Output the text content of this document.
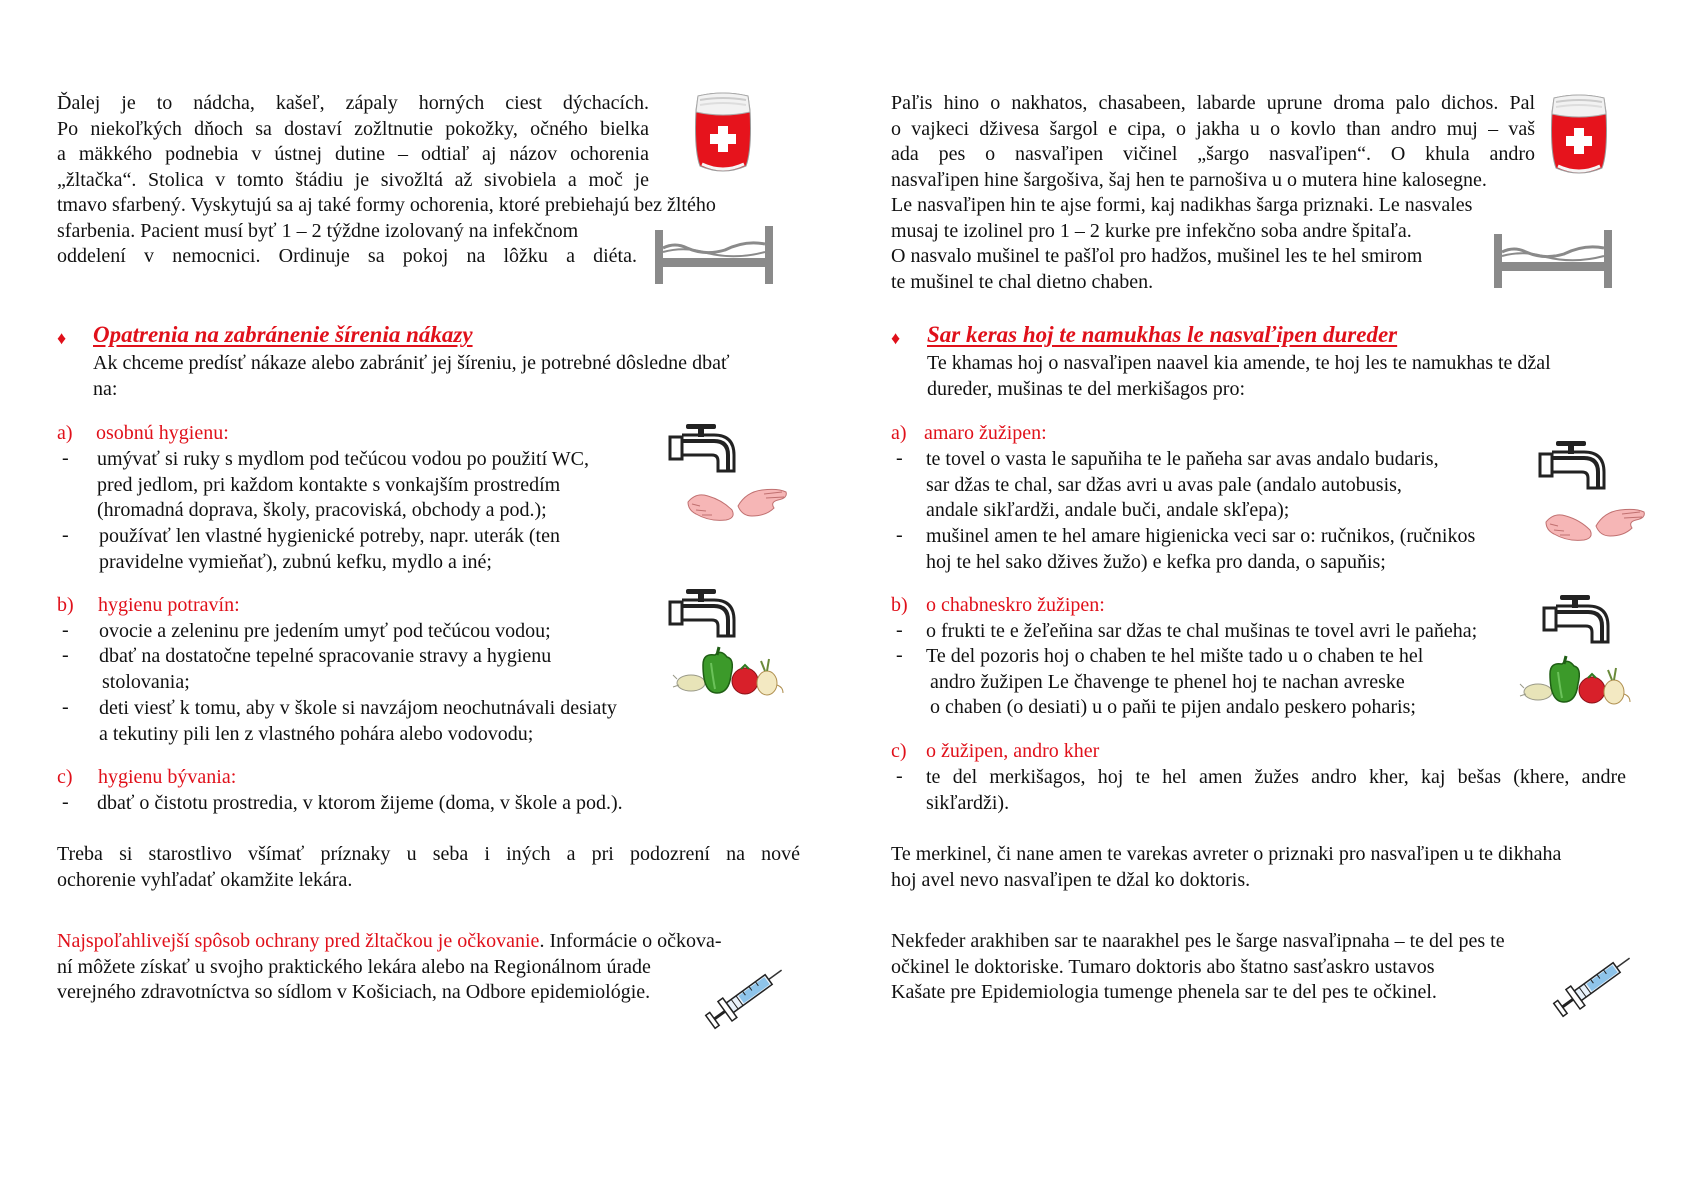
Ďalej je to nádcha, kašeľ, zápaly horných ciest dýchacích.
Po niekoľkých dňoch sa dostaví zožltnutie pokožky, očného bielka
a mäkkého podnebia v ústnej dutine – odtiaľ aj názov ochorenia
„žltačka“. Stolica v tomto štádiu je sivožltá až sivobiela a moč je
tmavo sfarbený. Vyskytujú sa aj také formy ochorenia, ktoré prebiehajú bez žltého
sfarbenia. Pacient musí byť 1 – 2 týždne izolovaný na infekčnom
oddelení v nemocnici. Ordinuje sa pokoj na lôžku a diéta.
♦ Opatrenia na zabránenie šírenia nákazy
Ak chceme predísť nákaze alebo zabrániť jej šíreniu, je potrebné dôsledne dbať
na:
a) osobnú hygienu:
- umývať si ruky s mydlom pod tečúcou vodou po použití WC,
pred jedlom, pri každom kontakte s vonkajším prostredím
(hromadná doprava, školy, pracoviská, obchody a pod.);
- používať len vlastné hygienické potreby, napr. uterák (ten
pravidelne vymieňať), zubnú kefku, mydlo a iné;
b) hygienu potravín:
- ovocie a zeleninu pre jedením umyť pod tečúcou vodou;
- dbať na dostatočne tepelné spracovanie stravy a hygienu
stolovania;
- deti viesť k tomu, aby v škole si navzájom neochutnávali desiaty
a tekutiny pili len z vlastného pohára alebo vodovodu;
c) hygienu bývania:
- dbať o čistotu prostredia, v ktorom žijeme (doma, v škole a pod.).
Treba si starostlivo všímať príznaky u seba i iných a pri podozrení na nové
ochorenie vyhľadať okamžite lekára.
Najspoľahlivejší spôsob ochrany pred žltačkou je očkovanie. Informácie o očkova-
ní môžete získať u svojho praktického lekára alebo na Regionálnom úrade
verejného zdravotníctva so sídlom v Košiciach, na Odbore epidemiológie.
Paľis hino o nakhatos, chasabeen, labarde uprune droma palo dichos. Pal
o vajkeci dživesa šargol e cipa, o jakha u o kovlo than andro muj – vaš
ada pes o nasvaľipen vičinel „šargo nasvaľipen“. O khula andro
nasvaľipen hine šargošiva, šaj hen te parnošiva u o mutera hine kalosegne.
Le nasvaľipen hin te ajse formi, kaj nadikhas šarga priznaki. Le nasvales
musaj te izolinel pro 1 – 2 kurke pre infekčno soba andre špitaľa.
O nasvalo mušinel te pašľol pro hadžos, mušinel les te hel smirom
te mušinel te chal dietno chaben.
♦ Sar keras hoj te namukhas le nasvaľipen dureder
Te khamas hoj o nasvaľipen naavel kia amende, te hoj les te namukhas te džal
dureder, mušinas te del merkišagos pro:
a) amaro žužipen:
- te tovel o vasta le sapuňiha te le paňeha sar avas andalo budaris,
sar džas te chal, sar džas avri u avas pale (andalo autobusis,
andale sikľardži, andale buči, andale skľepa);
- mušinel amen te hel amare higienicka veci sar o: ručnikos, (ručnikos
hoj te hel sako džives žužo) e kefka pro danda, o sapuňis;
b) o chabneskro žužipen:
- o frukti te e žeľeňina sar džas te chal mušinas te tovel avri le paňeha;
- Te del pozoris hoj o chaben te hel mište tado u o chaben te hel
andro žužipen Le čhavenge te phenel hoj te nachan avreske
o chaben (o desiati) u o paňi te pijen andalo peskero poharis;
c) o žužipen, andro kher
- te del merkišagos, hoj te hel amen žužes andro kher, kaj bešas (khere, andre
sikľardži).
Te merkinel, či nane amen te varekas avreter o priznaki pro nasvaľipen u te dikhaha
hoj avel nevo nasvaľipen te džal ko doktoris.
Nekfeder arakhiben sar te naarakhel pes le šarge nasvaľipnaha – te del pes te
očkinel le doktoriske. Tumaro doktoris abo štatno sasťaskro ustavos
Kašate pre Epidemiologia tumenge phenela sar te del pes te očkinel.
